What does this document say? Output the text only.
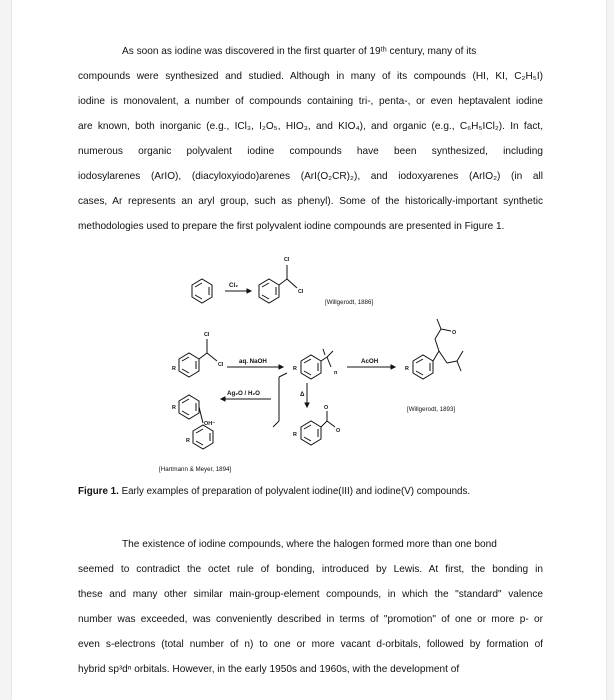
As soon as iodine was discovered in the first quarter of 19ᵗʰ century, many of its
compounds were synthesized and studied. Although in many of its compounds (HI, KI, C₂H₅I)
iodine is monovalent, a number of compounds containing tri-, penta-, or even heptavalent iodine
are known, both inorganic (e.g., ICl₃, I₂O₅, HIO₃, and KIO₄), and organic (e.g., C₆H₅ICl₂). In fact,
numerous organic polyvalent iodine compounds have been synthesized, including
iodosylarenes (ArIO), (diacyloxyiodo)arenes (ArI(O₂CR)₂), and iodoxyarenes (ArIO₂) (in all
cases, Ar represents an aryl group, such as phenyl). Some of the historically-important synthetic
methodologies used to prepare the first polyvalent iodine compounds are presented in Figure 1.
Cl₂
[Willgerodt, 1886]
aq. NaOH	AcOH
Ag₂O / H₂O	Δ
[Willgerodt, 1893]
[Hartmann & Meyer, 1894]
Cl
Cl
Cl
Cl
R	R
n
R
O
R
OH⁻
R
R
O
O
Figure 1. Early examples of preparation of polyvalent iodine(III) and iodine(V) compounds.
The existence of iodine compounds, where the halogen formed more than one bond
seemed to contradict the octet rule of bonding, introduced by Lewis. At first, the bonding in
these and many other similar main-group-element compounds, in which the "standard" valence
number was exceeded, was conveniently described in terms of "promotion" of one or more p- or
even s-electrons (total number of n) to one or more vacant d-orbitals, followed by formation of
hybrid spᵌdⁿ orbitals. However, in the early 1950s and 1960s, with the development of
